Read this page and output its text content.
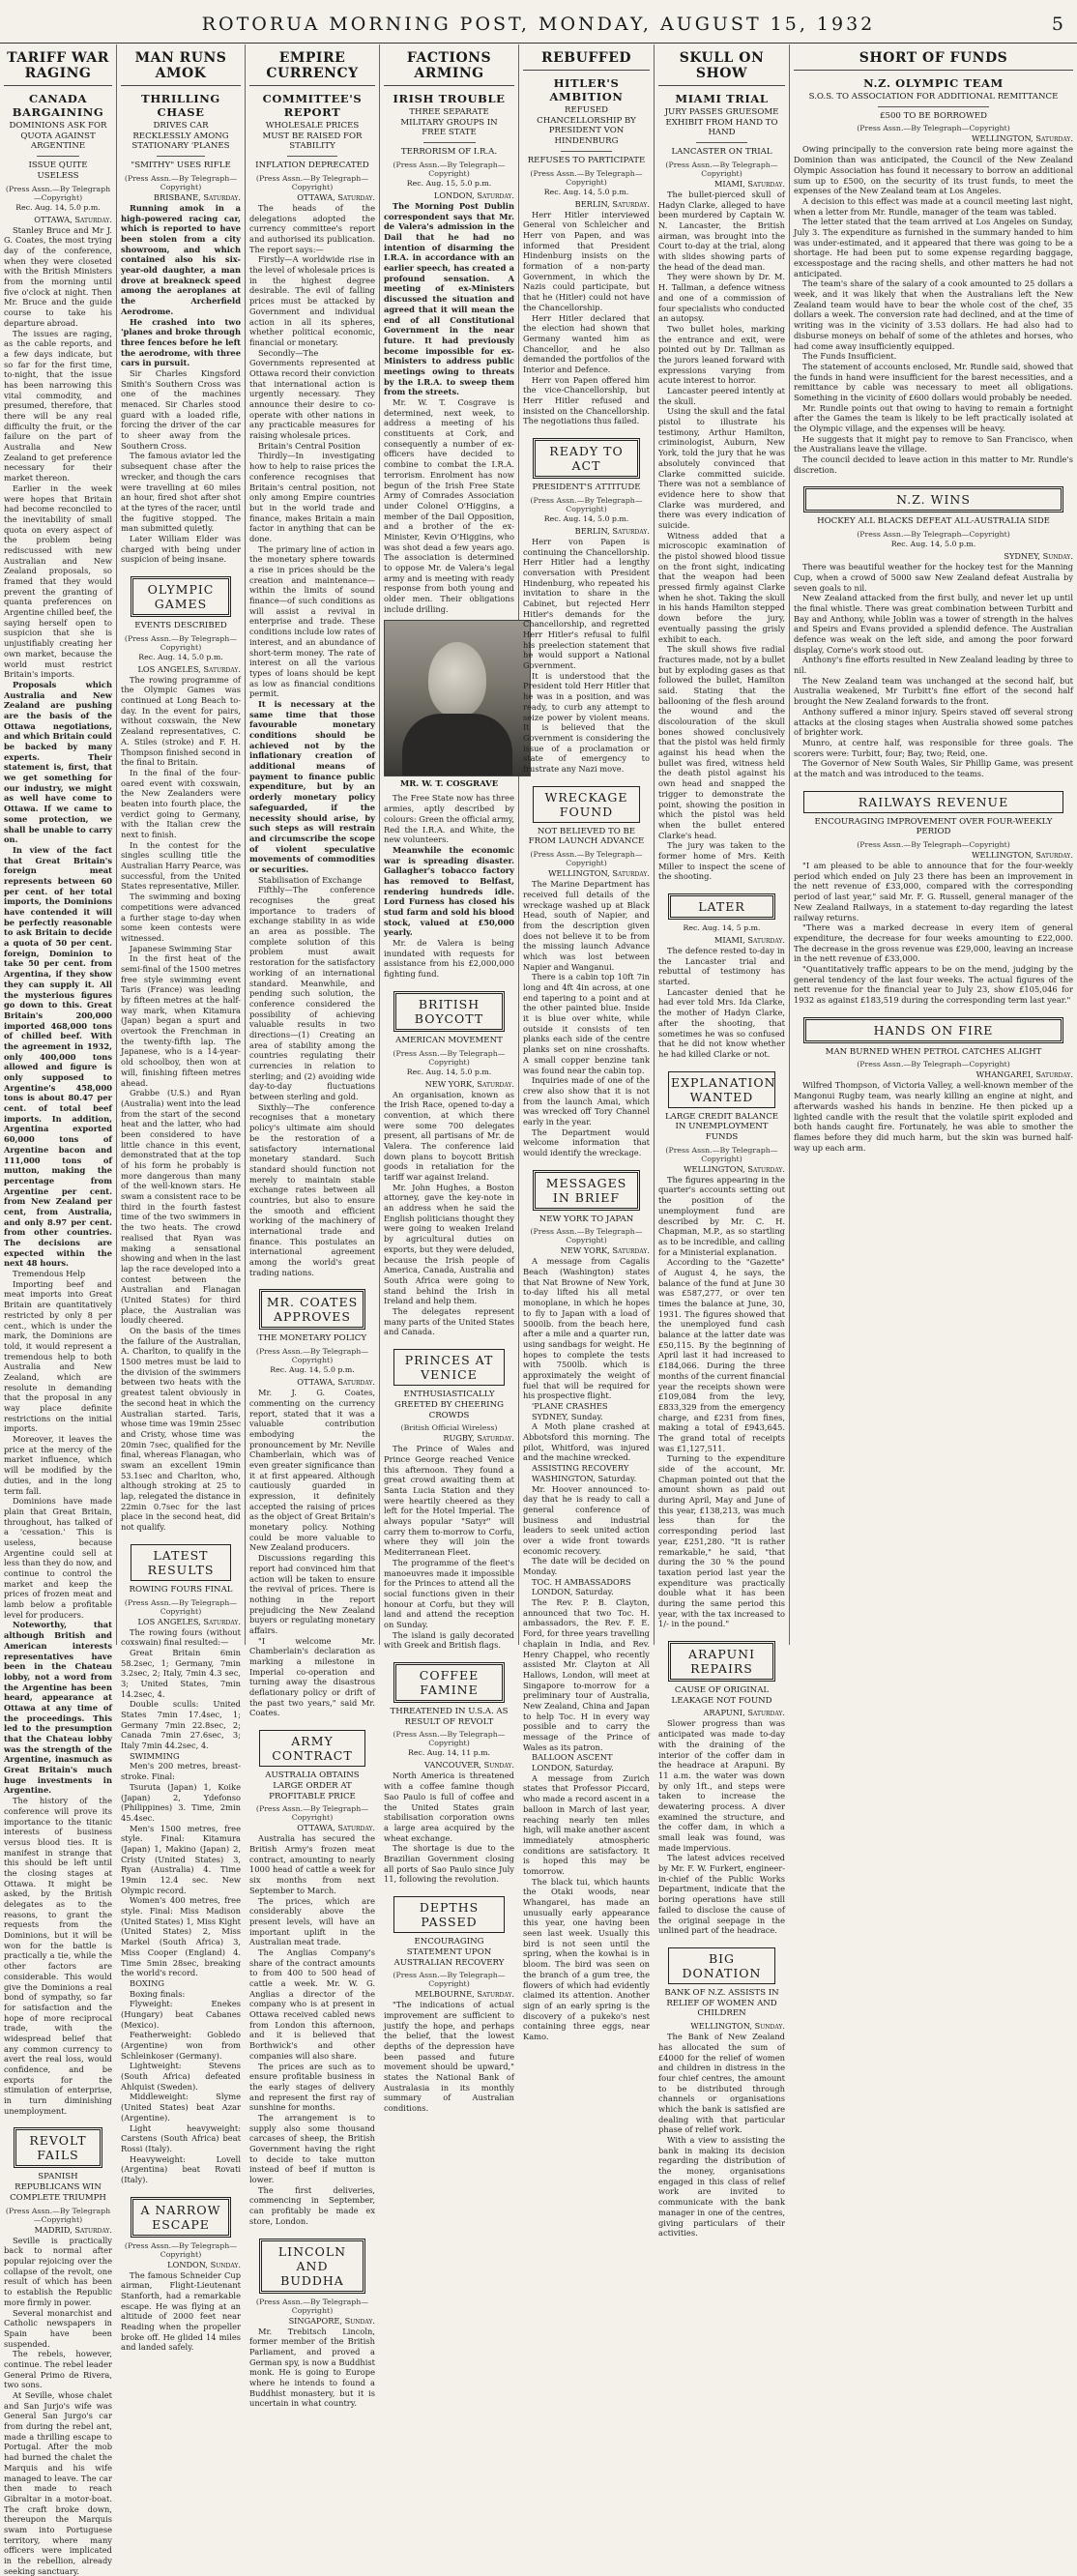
ROTORUA MORNING POST, MONDAY, AUGUST 15, 1932	5
TARIFF WAR RAGING
CANADA BARGAINING
DOMINIONS ASK FOR QUOTA AGAINST ARGENTINE
ISSUE QUITE USELESS
(Press Assn.—By Telegraph—Copyright)
Rec. Aug. 14, 5.0 p.m.
OTTAWA, Saturday.

Stanley Bruce and Mr J. G. Coates, the most trying day of the conference, when they were closeted with the British Ministers from the morning until five o'clock at night. Then Mr. Bruce and the guide course to take his departure abroad.

The issues are raging, as the cable reports, and a few days indicate, but so far for the first time, to-night, that the issue has been narrowing this vital commodity, and presumed, therefore, that there will be any real difficulty the fruit, or the failure on the part of Australia and New Zealand to get preference necessary for their market thereon.

Earlier in the week were hopes that Britain had become reconciled to the inevitability of small quota on every aspect of the problem being rediscussed with new Australian and New Zealand proposals, so framed that they would prevent the granting of quanta preferences on Argentine chilled beef, the saying herself open to suspicion that she is unjustifiably creating her own market, because the world must restrict Britain's imports.

Proposals which Australia and New Zealand are pushing are the basis of the Ottawa negotiations, and which Britain could be backed by many experts. Their statement is, first, that we get something for our industry, we might as well have come to Ottawa. If we came to some protection, we shall be unable to carry on.

In view of the fact that Great Britain's foreign meat represents between 60 per cent. of her total imports, the Dominions have contended it will be perfectly reasonable to ask Britain to decide a quota of 50 per cent. foreign, Dominion to take 50 per cent. from Argentina, if they show they can supply it. All the mysterious figures go down to this. Great Britain's 200,000 imported 468,000 tons of chilled beef. With the agreement in 1932, only 400,000 tons allowed and figure is only supposed to Argentine's 458,000 tons is about 80.47 per cent. of total beef imports. In addition, Argentina exported 60,000 tons of Argentine bacon and 111,000 tons of mutton, making the percentage from Argentine per cent. from New Zealand per cent, from Australia, and only 8.97 per cent. from other countries. The decisions are expected within the next 48 hours.

Tremendous Help

Importing beef and meat imports into Great Britain are quantitatively restricted by only 8 per cent., which is under the mark, the Dominions are told, it would represent a tremendous help to both Australia and New Zealand, which are resolute in demanding that the proposal in any way place definite restrictions on the initial imports.

Moreover, it leaves the price at the mercy of the market influence, which will be modified by the duties, and in the long term fall.

Dominions have made plain that Great Britain, throughout, has talked of a 'cessation.' This is useless, because Argentine could sell at less than they do now, and continue to control the market and keep the prices of frozen meat and lamb below a profitable level for producers.

Noteworthy, that although British and American interests representatives have been in the Chateau lobby, not a word from the Argentine has been heard, appearance at Ottawa at any time of the proceedings. This led to the presumption that the Chateau lobby was the strength of the Argentine, inasmuch as Great Britain's much huge investments in Argentine.

The history of the conference will prove its importance to the titanic interests of business versus blood ties. It is manifest in strange that this should be left until the closing stages at Ottawa. It might be asked, by the British delegates as to the reasons, to grant the requests from the Dominions, but it will be won for the battle is practically a tie, while the other factors are considerable. This would give the Dominions a real bond of sympathy, so far for satisfaction and the hope of more reciprocal trade, with the widespread belief that any common currency to avert the real loss, would confidence, and be exports for the stimulation of enterprise, in turn diminishing unemployment.

REVOLT FAILS
SPANISH REPUBLICANS WIN COMPLETE TRIUMPH
(Press Assn.—By Telegraph—Copyright)
MADRID, Saturday.

Seville is practically back to normal after popular rejoicing over the collapse of the revolt, one result of which has been to establish the Republic more firmly in power.

Several monarchist and Catholic newspapers in Spain have been suspended.

The rebels, however, continue. The rebel leader General Primo de Rivera, two sons.

At Seville, whose chalet and San Jurjo's wife was General San Jurgo's car from during the rebel ant, made a thrilling escape to Portugal. After the mob had burned the chalet the Marquis and his wife managed to leave. The car then made to reach Gibraltar in a motor-boat. The craft broke down, thereupon the Marquis swam into Portuguese territory, where many officers were implicated in the rebellion, already seeking sanctuary.

MAN RUNS AMOK
THRILLING CHASE
DRIVES CAR RECKLESSLY AMONG STATIONARY 'PLANES
"SMITHY" USES RIFLE
(Press Assn.—By Telegraph—Copyright)
BRISBANE, Saturday.

Running amok in a high-powered racing car, which is reported to have been stolen from a city showroom, and which contained also his six-year-old daughter, a man drove at breakneck speed among the aeroplanes at the Archerfield Aerodrome.

He crashed into two 'planes and broke through three fences before he left the aerodrome, with three cars in pursuit.

Sir Charles Kingsford Smith's Southern Cross was one of the machines menaced. Sir Charles stood guard with a loaded rifle, forcing the driver of the car to sheer away from the Southern Cross.

The famous aviator led the subsequent chase after the wrecker, and though the cars were travelling at 60 miles an hour, fired shot after shot at the tyres of the racer, until the fugitive stopped. The man submitted quietly.

Later William Elder was charged with being under suspicion of being insane.

OLYMPIC GAMES
EVENTS DESCRIBED
(Press Assn.—By Telegraph—Copyright)
Rec. Aug. 14, 5.0 p.m.
LOS ANGELES, Saturday.

The rowing programme of the Olympic Games was continued at Long Beach to-day. In the event for pairs, without coxswain, the New Zealand representatives, C. A. Stiles (stroke) and F. H. Thompson finished second in the final to Britain.

In the final of the four-oared event with coxswain, the New Zealanders were beaten into fourth place, the verdict going to Germany, with the Italian crew the next to finish.

In the contest for the singles sculling title the Australian Harry Pearce, was successful, from the United States representative, Miller.

The swimming and boxing competitions were advanced a further stage to-day when some keen contests were witnessed.

Japanese Swimming Star

In the first heat of the semi-final of the 1500 metres free style swimming event Taris (France) was leading by fifteen metres at the half-way mark, when Kitamura (Japan) began a spurt and overtook the Frenchman in the twenty-fifth lap. The Japanese, who is a 14-year-old schoolboy, then won at will, finishing fifteen metres ahead.

Grabbe (U.S.) and Ryan (Australia) went into the lead from the start of the second heat and the latter, who had been considered to have little chance in this event, demonstrated that at the top of his form he probably is more dangerous than many of the well-known stars. He swam a consistent race to be third in the fourth fastest time of the two swimmers in the two heats. The crowd realised that Ryan was making a sensational showing and when in the last lap the race developed into a contest between the Australian and Flanagan (United States) for third place, the Australian was loudly cheered.

On the basis of the times the failure of the Australian, A. Charlton, to qualify in the 1500 metres must be laid to the division of the swimmers between two heats with the greatest talent obviously in the second heat in which the Australian started. Taris, whose time was 19min 25sec and Cristy, whose time was 20min 7sec, qualified for the final, whereas Flanagan, who swam an excellent 19min 53.1sec and Charlton, who, although stroking at 25 to lap, relegated the distance in 22min 0.7sec for the last place in the second heat, did not qualify.

LATEST RESULTS
ROWING FOURS FINAL
(Press Assn.—By Telegraph—Copyright)
LOS ANGELES, Saturday.

The rowing fours (without coxswain) final resulted:—

Great Britain 6min 58.2sec, 1; Germany, 7min 3.2sec, 2; Italy, 7min 4.3 sec, 3; United States, 7min 14.2sec, 4.

Double sculls: United States 7min 17.4sec, 1; Germany 7min 22.8sec, 2; Canada 7min 27.6sec, 3; Italy 7min 44.2sec, 4.

SWIMMING

Men's 200 metres, breast-stroke. Final:

Tsuruta (Japan) 1, Koike (Japan) 2, Ydefonso (Philippines) 3. Time, 2min 45.4sec.

Men's 1500 metres, free style. Final: Kitamura (Japan) 1, Makino (Japan) 2, Cristy (United States) 3, Ryan (Australia) 4. Time 19min 12.4 sec. New Olympic record.

Women's 400 metres, free style. Final: Miss Madison (United States) 1, Miss Kight (United States) 2, Miss Markel (South Africa) 3, Miss Cooper (England) 4. Time 5min 28sec, breaking the world's record.

BOXING

Boxing finals:

Flyweight: Enekes (Hungary) beat Cabanes (Mexico).

Featherweight: Gobledo (Argentine) won from Schleinkoser (Germany).

Lightweight: Stevens (South Africa) defeated Ahlquist (Sweden).

Middleweight: Slyme (United States) beat Azar (Argentine).

Light heavyweight: Carstens (South Africa) beat Rossi (Italy).

Heavyweight: Lovell (Argentina) beat Rovati (Italy).

A NARROW ESCAPE
(Press Assn.—By Telegraph—Copyright)
LONDON, Sunday.

The famous Schneider Cup airman, Flight-Lieutenant Stanforth, had a remarkable escape. He was flying at an altitude of 2000 feet near Reading when the propeller broke off. He glided 14 miles and landed safely.

EMPIRE CURRENCY
COMMITTEE'S REPORT
WHOLESALE PRICES MUST BE RAISED FOR STABILITY
INFLATION DEPRECATED
(Press Assn.—By Telegraph—Copyright)
OTTAWA, Saturday.

The heads of the delegations adopted the currency committee's report and authorised its publication. The report says:—

Firstly—A worldwide rise in the level of wholesale prices is in the highest degree desirable. The evil of falling prices must be attacked by Government and individual action in all its spheres, whether political economic, financial or monetary.

Secondly—The Governments represented at Ottawa record their conviction that international action is urgently necessary. They announce their desire to co-operate with other nations in any practicable measures for raising wholesale prices.

Britain's Central Position

Thirdly—In investigating how to help to raise prices the conference recognises that Britain's central position, not only among Empire countries but in the world trade and finance, makes Britain a main factor in anything that can be done.

The primary line of action in the monetary sphere towards a rise in prices should be the creation and maintenance—within the limits of sound finance—of such conditions as will assist a revival in enterprise and trade. These conditions include low rates of interest, and an abundance of short-term money. The rate of interest on all the various types of loans should be kept as low as financial conditions permit.

It is necessary at the same time that those favourable monetary conditions should be achieved not by the inflationary creation of additional means of payment to finance public expenditure, but by an orderly monetary policy safeguarded, if the necessity should arise, by such steps as will restrain and circumscribe the scope of violent speculative movements of commodities or securities.

Stabilisation of Exchange

Fifthly—The conference recognises the great importance to traders of exchange stability in as wide an area as possible. The complete solution of this problem must await restoration for the satisfactory working of an international standard. Meanwhile, and pending such solution, the conference considered the possibility of achieving valuable results in two directions—(1) Creating an area of stability among the countries regulating their currencies in relation to sterling; and (2) avoiding wide day-to-day fluctuations between sterling and gold.

Sixthly—The conference recognises that a monetary policy's ultimate aim should be the restoration of a satisfactory international monetary standard. Such standard should function not merely to maintain stable exchange rates between all countries, but also to ensure the smooth and efficient working of the machinery of international trade and finance. This postulates an international agreement among the world's great trading nations.

MR. COATES APPROVES
THE MONETARY POLICY
(Press Assn.—By Telegraph—Copyright)
Rec. Aug. 14, 5.0 p.m.
OTTAWA, Saturday.

Mr. J. G. Coates, commenting on the currency report, stated that it was a valuable contribution embodying the pronouncement by Mr. Neville Chamberlain, which was of even greater significance than it at first appeared. Although cautiously guarded in expression, it definitely accepted the raising of prices as the object of Great Britain's monetary policy. Nothing could be more valuable to New Zealand producers.

Discussions regarding this report had convinced him that action will be taken to ensure the revival of prices. There is nothing in the report prejudicing the New Zealand buyers or regulating monetary affairs.

"I welcome Mr. Chamberlain's declaration as marking a milestone in Imperial co-operation and turning away the disastrous deflationary policy or drift of the past two years," said Mr. Coates.

ARMY CONTRACT
AUSTRALIA OBTAINS LARGE ORDER AT PROFITABLE PRICE
(Press Assn.—By Telegraph—Copyright)
OTTAWA, Saturday.

Australia has secured the British Army's frozen meat contract, amounting to nearly 1000 head of cattle a week for six months from next September to March.

The prices, which are considerably above the present levels, will have an important uplift in the Australian meat trade.

The Anglias Company's share of the contract amounts to from 400 to 500 head of cattle a week. Mr. W. G. Anglias a director of the company who is at present in Ottawa received cabled news from London this afternoon, and it is believed that Borthwick's and other companies will also share.

The prices are such as to ensure profitable business in the early stages of delivery and represent the first ray of sunshine for months.

The arrangement is to supply also some thousand carcases of sheep, the British Government having the right to decide to take mutton instead of beef if mutton is lower.

The first deliveries, commencing in September, can profitably be made ex store, London.

LINCOLN AND BUDDHA
(Press Assn.—By Telegraph—Copyright)
SINGAPORE, Sunday.

Mr. Trebitsch Lincoln, former member of the British Parliament, and proved a German spy, is now a Buddhist monk. He is going to Europe where he intends to found a Buddhist monastery, but it is uncertain in what country.

FACTIONS ARMING
IRISH TROUBLE
THREE SEPARATE MILITARY GROUPS IN FREE STATE
TERRORISM OF I.R.A.
(Press Assn.—By Telegraph—Copyright)
Rec. Aug. 15, 5.0 p.m.
LONDON, Saturday.

The Morning Post Dublin correspondent says that Mr. de Valera's admission in the Dail that he had no intention of disarming the I.R.A. in accordance with an earlier speech, has created a profound sensation. A meeting of ex-Ministers discussed the situation and agreed that it will mean the end of all Constitutional Government in the near future. It had previously become impossible for ex-Ministers to address public meetings owing to threats by the I.R.A. to sweep them from the streets.

Mr. W. T. Cosgrave is determined, next week, to address a meeting of his constituents at Cork, and consequently a number of ex-officers have decided to combine to combat the I.R.A. terrorism. Enrolment has now begun of the Irish Free State Army of Comrades Association under Colonel O'Higgins, a member of the Dail Opposition, and a brother of the ex-Minister, Kevin O'Higgins, who was shot dead a few years ago. The association is determined to oppose Mr. de Valera's legal army and is meeting with ready response from both young and older men. Their obligations include drilling.

MR. W. T. COSGRAVE

The Free State now has three armies, aptly described by colours: Green the official army, Red the I.R.A. and White, the new volunteers.

Meanwhile the economic war is spreading disaster. Gallagher's tobacco factory has removed to Belfast, rendering hundreds idle. Lord Furness has closed his stud farm and sold his blood stock, valued at £50,000 yearly.

Mr. de Valera is being inundated with requests for assistance from his £2,000,000 fighting fund.

BRITISH BOYCOTT
AMERICAN MOVEMENT
(Press Assn.—By Telegraph—Copyright)
Rec. Aug. 14, 5.0 p.m.
NEW YORK, Saturday.

An organisation, known as the Irish Race, opened to-day a convention, at which there were some 700 delegates present, all partisans of Mr. de Valera. The conference laid down plans to boycott British goods in retaliation for the tariff war against Ireland.

Mr. John Hughes, a Boston attorney, gave the key-note in an address when he said the English politicians thought they were going to weaken Ireland by agricultural duties on exports, but they were deluded, because the Irish people of America, Canada, Australia and South Africa were going to stand behind the Irish in Ireland and help them.

The delegates represent many parts of the United States and Canada.

PRINCES AT VENICE
ENTHUSIASTICALLY GREETED BY CHEERING CROWDS
(British Official Wireless)
RUGBY, Saturday.

The Prince of Wales and Prince George reached Venice this afternoon. They found a great crowd awaiting them at Santa Lucia Station and they were heartily cheered as they left for the Hotel Imperial. The always popular "Satyr" will carry them to-morrow to Corfu, where they will join the Mediterranean Fleet.

The programme of the fleet's manoeuvres made it impossible for the Princes to attend all the social functions given in their honour at Corfu, but they will land and attend the reception on Sunday.

The island is gaily decorated with Greek and British flags.

COFFEE FAMINE
THREATENED IN U.S.A. AS RESULT OF REVOLT
(Press Assn.—By Telegraph—Copyright)
Rec. Aug. 14, 11 p.m.
VANCOUVER, Sunday.

North America is threatened with a coffee famine though Sao Paulo is full of coffee and the United States grain stabilisation corporation owns a large area acquired by the wheat exchange.

The shortage is due to the Brazilian Government closing all ports of Sao Paulo since July 11, following the revolution.

DEPTHS PASSED
ENCOURAGING STATEMENT UPON AUSTRALIAN RECOVERY
(Press Assn.—By Telegraph—Copyright)
MELBOURNE, Saturday.

"The indications of actual improvement are sufficient to justify the hope, and perhaps the belief, that the lowest depths of the depression have been passed and future movement should be upward," states the National Bank of Australasia in its monthly summary of Australian conditions.

REBUFFED
HITLER'S AMBITION
REFUSED CHANCELLORSHIP BY PRESIDENT VON HINDENBURG
REFUSES TO PARTICIPATE
(Press Assn.—By Telegraph—Copyright)
Rec. Aug. 14, 5.0 p.m.
BERLIN, Saturday.

Herr Hitler interviewed General von Schleicher and Herr von Papen, and was informed that President Hindenburg insists on the formation of a non-party Government, in which the Nazis could participate, but that he (Hitler) could not have the Chancellorship.

Herr Hitler declared that the election had shown that Germany wanted him as Chancellor, and he also demanded the portfolios of the Interior and Defence.

Herr von Papen offered him the vice-Chancellorship, but Herr Hitler refused and insisted on the Chancellorship. The negotiations thus failed.

READY TO ACT
PRESIDENT'S ATTITUDE
(Press Assn.—By Telegraph—Copyright)
Rec. Aug. 14, 5.0 p.m.
BERLIN, Saturday.

Herr von Papen is continuing the Chancellorship. Herr Hitler had a lengthy conversation with President Hindenburg, who repeated his invitation to share in the Cabinet, but rejected Herr Hitler's demands for the Chancellorship, and regretted Herr Hitler's refusal to fulfil his preelection statement that he would support a National Government.

It is understood that the President told Herr Hitler that he was in a position, and was ready, to curb any attempt to seize power by violent means. It is believed that the Government is considering the issue of a proclamation or state of emergency to frustrate any Nazi move.

WRECKAGE FOUND
NOT BELIEVED TO BE FROM LAUNCH ADVANCE
(Press Assn.—By Telegraph—Copyright)
WELLINGTON, Saturday.

The Marine Department has received full details of the wreckage washed up at Black Head, south of Napier, and from the description given does not believe it to be from the missing launch Advance which was lost between Napier and Wanganui.

There is a cabin top 10ft 7in long and 4ft 4in across, at one end tapering to a point and at the other painted blue. Inside it is blue over white, while outside it consists of ten planks each side of the centre planks set on nine crosshafts. A small copper benzine tank was found near the cabin top.

Inquiries made of one of the crew also show that it is not from the launch Amai, which was wrecked off Tory Channel early in the year.

The Department would welcome information that would identify the wreckage.

MESSAGES IN BRIEF
NEW YORK TO JAPAN
(Press Assn.—By Telegraph—Copyright)
NEW YORK, Saturday.

A message from Cagalis Beach (Washington) states that Nat Browne of New York, to-day lifted his all metal monoplane, in which he hopes to fly to Japan with a load of 5000lb. from the beach here, after a mile and a quarter run, using sandbags for weight. He hopes to complete the tests with 7500lb. which is approximately the weight of fuel that will be required for his prospective flight.

'PLANE CRASHES

SYDNEY, Sunday.

A Moth plane crashed at Abbotsford this morning. The pilot, Whitford, was injured and the machine wrecked.

ASSISTING RECOVERY

WASHINGTON, Saturday.

Mr. Hoover announced to-day that he is ready to call a general conference of business and industrial leaders to seek united action over a wide front towards economic recovery.

The date will be decided on Monday.

TOC. H AMBASSADORS

LONDON, Saturday.

The Rev. P. B. Clayton, announced that two Toc. H. ambassadors, the Rev. F. E. Ford, for three years travelling chaplain in India, and Rev. Henry Chappel, who recently assisted Mr. Clayton at All Hallows, London, will meet at Singapore to-morrow for a preliminary tour of Australia, New Zealand, China and Japan to help Toc. H in every way possible and to carry the message of the Prince of Wales as its patron.

BALLOON ASCENT

LONDON, Saturday.

A message from Zurich states that Professor Piccard, who made a record ascent in a balloon in March of last year, reaching nearly ten miles high, will make another ascent immediately atmospheric conditions are satisfactory. It is hoped this may be tomorrow.

The black tui, which haunts the Otaki woods, near Whangarei, has made an unusually early appearance this year, one having been seen last week. Usually this bird is not seen until the spring, when the kowhai is in bloom. The bird was seen on the branch of a gum tree, the flowers of which had evidently claimed its attention. Another sign of an early spring is the discovery of a pukeko's nest containing three eggs, near Kamo.

SKULL ON SHOW
MIAMI TRIAL
JURY PASSES GRUESOME EXHIBIT FROM HAND TO HAND
LANCASTER ON TRIAL
(Press Assn.—By Telegraph—Copyright)
MIAMI, Saturday.

The bullet-pierced skull of Hadyn Clarke, alleged to have been murdered by Captain W. N. Lancaster, the British airman, was brought into the Court to-day at the trial, along with slides showing parts of the head of the dead man.

They were shown by Dr. M. H. Tallman, a defence witness and one of a commission of four specialists who conducted an autopsy.

Two bullet holes, marking the entrance and exit, were pointed out by Dr. Tallman as the jurors leaned forward with expressions varying from acute interest to horror.

Lancaster peered intently at the skull.

Using the skull and the fatal pistol to illustrate his testimony, Arthur Hamilton, criminologist, Auburn, New York, told the jury that he was absolutely convinced that Clarke committed suicide. There was not a semblance of evidence here to show that Clarke was murdered, and there was every indication of suicide.

Witness added that a microscopic examination of the pistol showed blood tissue on the front sight, indicating that the weapon had been pressed firmly against Clarke when he shot. Taking the skull in his hands Hamilton stepped down before the jury, eventually passing the grisly exhibit to each.

The skull shows five radial fractures made, not by a bullet but by exploding gases as that followed the bullet, Hamilton said. Stating that the ballooning of the flesh around the wound and the discolouration of the skull bones showed conclusively that the pistol was held firmly against his head when the bullet was fired, witness held the death pistol against his own head and snapped the trigger to demonstrate the point, showing the position in which the pistol was held when the bullet entered Clarke's head.

The jury was taken to the former home of Mrs. Keith Miller to inspect the scene of the shooting.

LATER
Rec. Aug. 14, 5 p.m.
MIAMI, Saturday.

The defence rested to-day in the Lancaster trial and rebuttal of testimony has started.

Lancaster denied that he had ever told Mrs. Ida Clarke, the mother of Hadyn Clarke, after the shooting, that sometimes he was so confused that he did not know whether he had killed Clarke or not.

EXPLANATION WANTED
LARGE CREDIT BALANCE IN UNEMPLOYMENT FUNDS
(Press Assn.—By Telegraph—Copyright)
WELLINGTON, Saturday.

The figures appearing in the quarter's accounts setting out the position of the unemployment fund are described by Mr. C. H. Chapman, M.P., as so startling as to be incredible, and calling for a Ministerial explanation.

According to the "Gazette" of August 4, he says, the balance of the fund at June 30 was £587,277, or over ten times the balance at June, 30, 1931. The figures showed that the unemployed fund cash balance at the latter date was £50,115. By the beginning of April last it had increased to £184,066. During the three months of the current financial year the receipts shown were £109,084 from the levy, £833,329 from the emergency charge, and £231 from fines, making a total of £943,645. The grand total of receipts was £1,127,511.

Turning to the expenditure side of the account, Mr. Chapman pointed out that the amount shown as paid out during April, May and June of this year, £138,213, was much less than for the corresponding period last year, £251,280. "It is rather remarkable," he said, "that during the 30 % the pound taxation period last year the expenditure was practically double what it has been during the same period this year, with the tax increased to 1/- in the pound."

ARAPUNI REPAIRS
CAUSE OF ORIGINAL LEAKAGE NOT FOUND
ARAPUNI, Saturday.

Slower progress than was anticipated was made to-day with the draining of the interior of the coffer dam in the headrace at Arapuni. By 11 a.m. the water was down by only 1ft., and steps were taken to increase the dewatering process. A diver examined the structure, and the coffer dam, in which a small leak was found, was made impervious.

The latest advices received by Mr. F. W. Furkert, engineer-in-chief of the Public Works Department, indicate that the boring operations have still failed to disclose the cause of the original seepage in the unlined part of the headrace.

BIG DONATION
BANK OF N.Z. ASSISTS IN RELIEF OF WOMEN AND CHILDREN
WELLINGTON, Sunday.

The Bank of New Zealand has allocated the sum of £4000 for the relief of women and children in distress in the four chief centres, the amount to be distributed through channels or organisations which the bank is satisfied are dealing with that particular phase of relief work.

With a view to assisting the bank in making its decision regarding the distribution of the money, organisations engaged in this class of relief work are invited to communicate with the bank manager in one of the centres, giving particulars of their activities.

SHORT OF FUNDS
N.Z. OLYMPIC TEAM
S.O.S. TO ASSOCIATION FOR ADDITIONAL REMITTANCE
£500 TO BE BORROWED
(Press Assn.—By Telegraph—Copyright)
WELLINGTON, Saturday.

Owing principally to the conversion rate being more against the Dominion than was anticipated, the Council of the New Zealand Olympic Association has found it necessary to borrow an additional sum up to £500, on the security of its trust funds, to meet the expenses of the New Zealand team at Los Angeles.

A decision to this effect was made at a council meeting last night, when a letter from Mr. Rundle, manager of the team was tabled.

The letter stated that the team arrived at Los Angeles on Sunday, July 3. The expenditure as furnished in the summary handed to him was under-estimated, and it appeared that there was going to be a shortage. He had been put to some expense regarding baggage, excesspostage and the racing shells, and other matters he had not anticipated.

The team's share of the salary of a cook amounted to 25 dollars a week, and it was likely that when the Australians left the New Zealand team would have to bear the whole cost of the chef, 35 dollars a week. The conversion rate had declined, and at the time of writing was in the vicinity of 3.53 dollars. He had also had to disburse moneys on behalf of some of the athletes and horses, who had come away insufficiently equipped.

The Funds Insufficient.

The statement of accounts enclosed, Mr. Rundle said, showed that the funds in hand were insufficient for the barest necessities, and a remittance by cable was necessary to meet all obligations. Something in the vicinity of £600 dollars would probably be needed.

Mr. Rundle points out that owing to having to remain a fortnight after the Games the team is likely to be left practically isolated at the Olympic village, and the expenses will be heavy.

He suggests that it might pay to remove to San Francisco, when the Australians leave the village.

The council decided to leave action in this matter to Mr. Rundle's discretion.

N.Z. WINS
HOCKEY ALL BLACKS DEFEAT ALL-AUSTRALIA SIDE
(Press Assn.—By Telegraph—Copyright)
Rec. Aug. 14, 5.0 p.m.
SYDNEY, Sunday.

There was beautiful weather for the hockey test for the Manning Cup, when a crowd of 5000 saw New Zealand defeat Australia by seven goals to nil.

New Zealand attacked from the first bully, and never let up until the final whistle. There was great combination between Turbitt and Bay and Anthony, while Joblin was a tower of strength in the halves and Speirs and Evans provided a splendid defence. The Australian defence was weak on the left side, and among the poor forward display, Corne's work stood out.

Anthony's fine efforts resulted in New Zealand leading by three to nil.

The New Zealand team was unchanged at the second half, but Australia weakened, Mr Turbitt's fine effort of the second half brought the New Zealand forwards to the front.

Anthony suffered a minor injury. Speirs staved off several strong attacks at the closing stages when Australia showed some patches of brighter work.

Munro, at centre half, was responsible for three goals. The scorers were: Turbitt, four; Bay, two; Reid, one.

The Governor of New South Wales, Sir Phillip Game, was present at the match and was introduced to the teams.

RAILWAYS REVENUE
ENCOURAGING IMPROVEMENT OVER FOUR-WEEKLY PERIOD
(Press Assn.—By Telegraph—Copyright)
WELLINGTON, Saturday.

"I am pleased to be able to announce that for the four-weekly period which ended on July 23 there has been an improvement in the nett revenue of £33,000, compared with the corresponding period of last year," said Mr. F. G. Russell, general manager of the New Zealand Railways, in a statement to-day regarding the latest railway returns.

"There was a marked decrease in every item of general expenditure, the decrease for four weeks amounting to £22,000. The decrease in the gross revenue was £29,000, leaving an increase in the nett revenue of £33,000.

"Quantitatively traffic appears to be on the mend, judging by the general tendency of the last four weeks. The actual figures of the nett revenue for the financial year to July 23, show £105,046 for 1932 as against £183,519 during the corresponding term last year."

HANDS ON FIRE
MAN BURNED WHEN PETROL CATCHES ALIGHT
(Press Assn.—By Telegraph—Copyright)
WHANGAREI, Saturday.

Wilfred Thompson, of Victoria Valley, a well-known member of the Mangonui Rugby team, was nearly killing an engine at night, and afterwards washed his hands in benzine. He then picked up a lighted candle with the result that the volatile spirit exploded and both hands caught fire. Fortunately, he was able to smother the flames before they did much harm, but the skin was burned half-way up each arm.
